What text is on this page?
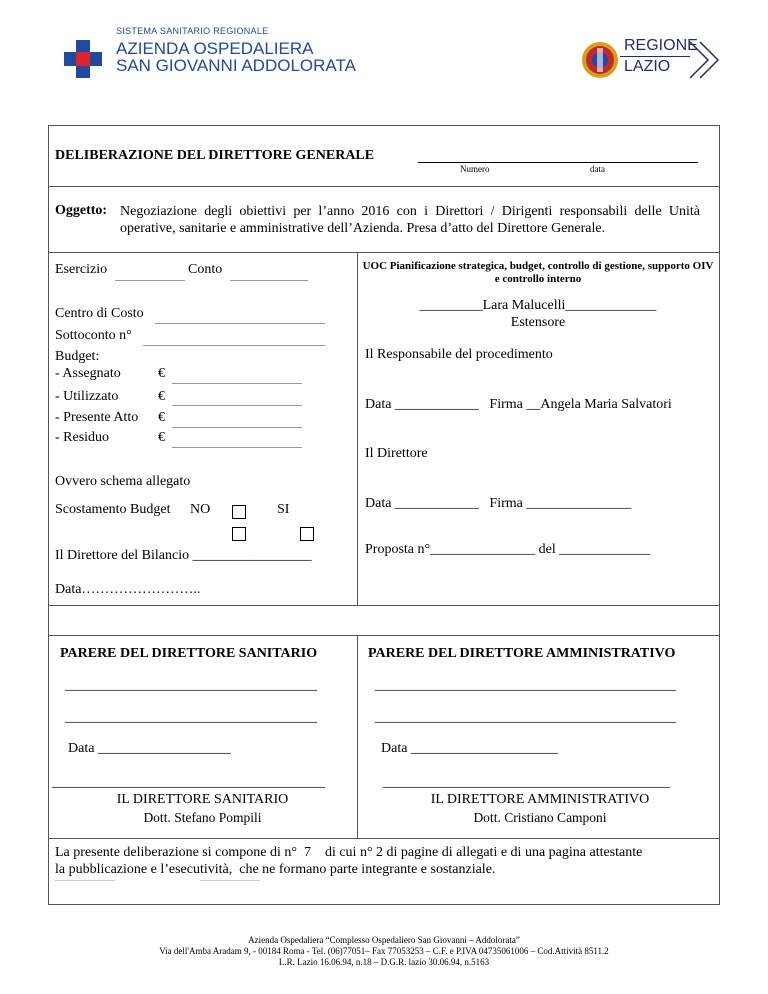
SISTEMA SANITARIO REGIONALE
AZIENDA OSPEDALIERA
SAN GIOVANNI ADDOLORATA
REGIONE
LAZIO
DELIBERAZIONE DEL DIRETTORE GENERALE
Numero	data
Oggetto: Negoziazione degli obiettivi per l’anno 2016 con i Direttori / Dirigenti responsabili delle Unità operative, sanitarie e amministrative dell’Azienda. Presa d’atto del Direttore Generale.
Esercizio	Conto
Centro di Costo
Sottoconto n°
Budget:
- Assegnato	€
- Utilizzato	€
- Presente Atto €
- Residuo	€
Ovvero schema allegato
Scostamento Budget NO	SI
Il Direttore del Bilancio _________________
Data……………………..
UOC Pianificazione strategica, budget, controllo di gestione, supporto OIV e controllo interno
_________Lara Malucelli_____________
Estensore
Il Responsabile del procedimento
Data ____________   Firma __Angela Maria Salvatori
Il Direttore
Data ____________   Firma _______________
Proposta n°_______________ del _____________
PARERE DEL DIRETTORE SANITARIO	PARERE DEL DIRETTORE AMMINISTRATIVO
____________________________________	___________________________________________
____________________________________	___________________________________________
Data ___________________	Data _____________________
_______________________________________	_________________________________________
IL DIRETTORE SANITARIO
Dott. Stefano Pompili
IL DIRETTORE AMMINISTRATIVO
Dott. Cristiano Camponi
La presente deliberazione si compone di n°  7    di cui n° 2 di pagine di allegati e di una pagina attestante
la pubblicazione e l’esecutività,  che ne formano parte integrante e sostanziale.
Azienda Ospedaliera “Complesso Ospedaliero San Giovanni – Addolorata”
Via dell'Amba Aradam 9, - 00184 Roma - Tel. (06)77051– Fax 77053253 – C.F. e P.IVA 04735061006 – Cod.Attività 8511.2
L.R. Lazio 16.06.94, n.18 – D.G.R. lazio 30.06.94, n.5163
